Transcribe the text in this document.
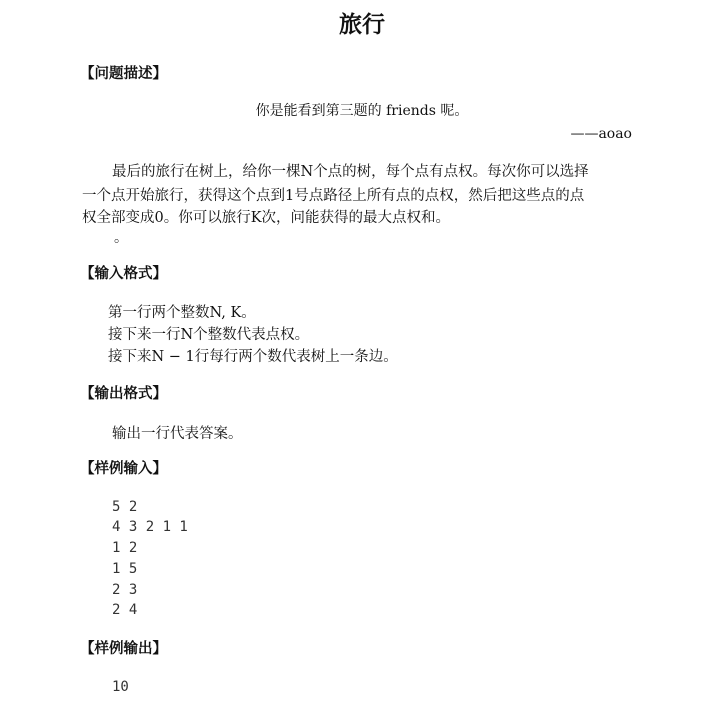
旅行
【问题描述】
你是能看到第三题的 friends 呢。
——aoao
最后的旅行在树上，给你一棵N个点的树，每个点有点权。每次你可以选择
一个点开始旅行，获得这个点到1号点路径上所有点的点权，然后把这些点的点
权全部变成0。你可以旅行K次，问能获得的最大点权和。
。
【输入格式】
第一行两个整数N, K。
接下来一行N个整数代表点权。
接下来N − 1行每行两个数代表树上一条边。
【输出格式】
输出一行代表答案。
【样例输入】
5 2
4 3 2 1 1
1 2
1 5
2 3
2 4
【样例输出】
10
